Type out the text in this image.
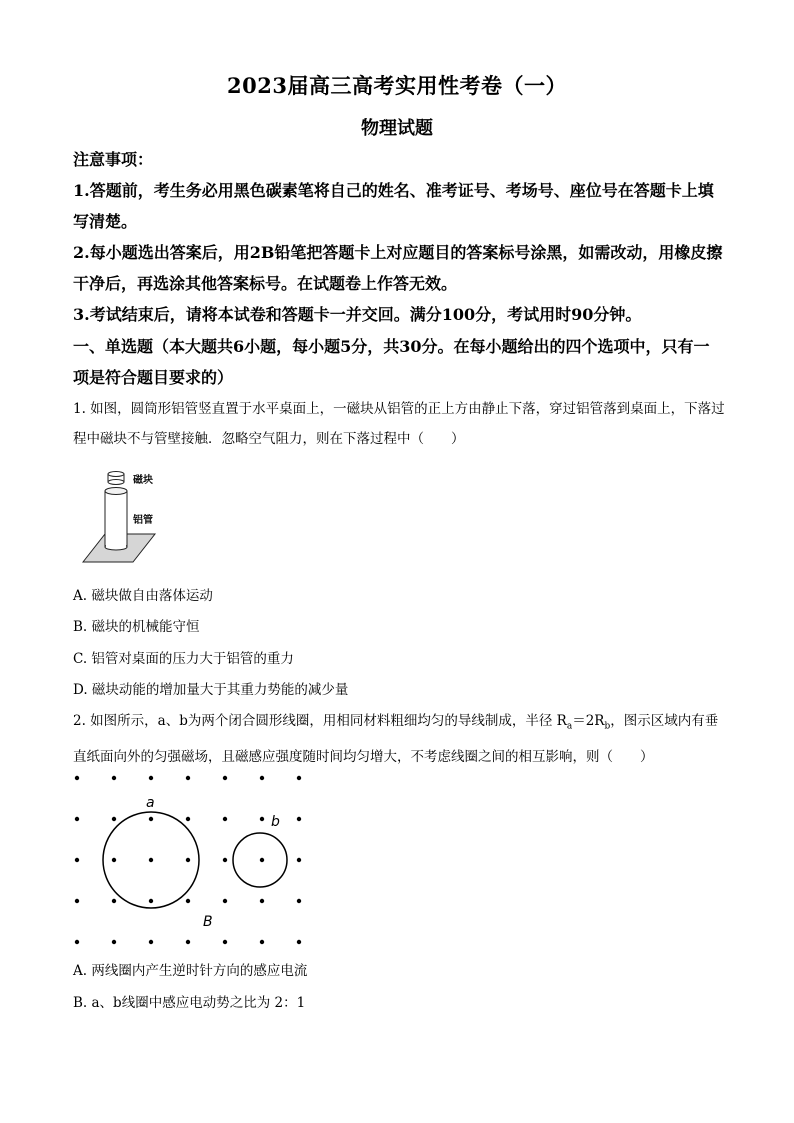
2023届高三高考实用性考卷（一）
物理试题
注意事项：
1.答题前，考生务必用黑色碳素笔将自己的姓名、准考证号、考场号、座位号在答题卡上填写清楚。
2.每小题选出答案后，用2B铅笔把答题卡上对应题目的答案标号涂黑，如需改动，用橡皮擦干净后，再选涂其他答案标号。在试题卷上作答无效。
3.考试结束后，请将本试卷和答题卡一并交回。满分100分，考试用时90分钟。
一、单选题（本大题共6小题，每小题5分，共30分。在每小题给出的四个选项中，只有一项是符合题目要求的）
1. 如图，圆筒形铝管竖直置于水平桌面上，一磁块从铝管的正上方由静止下落，穿过铝管落到桌面上，下落过程中磁块不与管壁接触．忽略空气阻力，则在下落过程中（　　）
磁块
铝管
A. 磁块做自由落体运动
B. 磁块的机械能守恒
C. 铝管对桌面的压力大于铝管的重力
D. 磁块动能的增加量大于其重力势能的减少量
2. 如图所示，a、b为两个闭合圆形线圈，用相同材料粗细均匀的导线制成，半径 $R_a=2R_b$，图示区域内有垂直纸面向外的匀强磁场，且磁感应强度随时间均匀增大，不考虑线圈之间的相互影响，则（　　）
a
b
B
A. 两线圈内产生逆时针方向的感应电流
B. a、b线圈中感应电动势之比为 2：1
